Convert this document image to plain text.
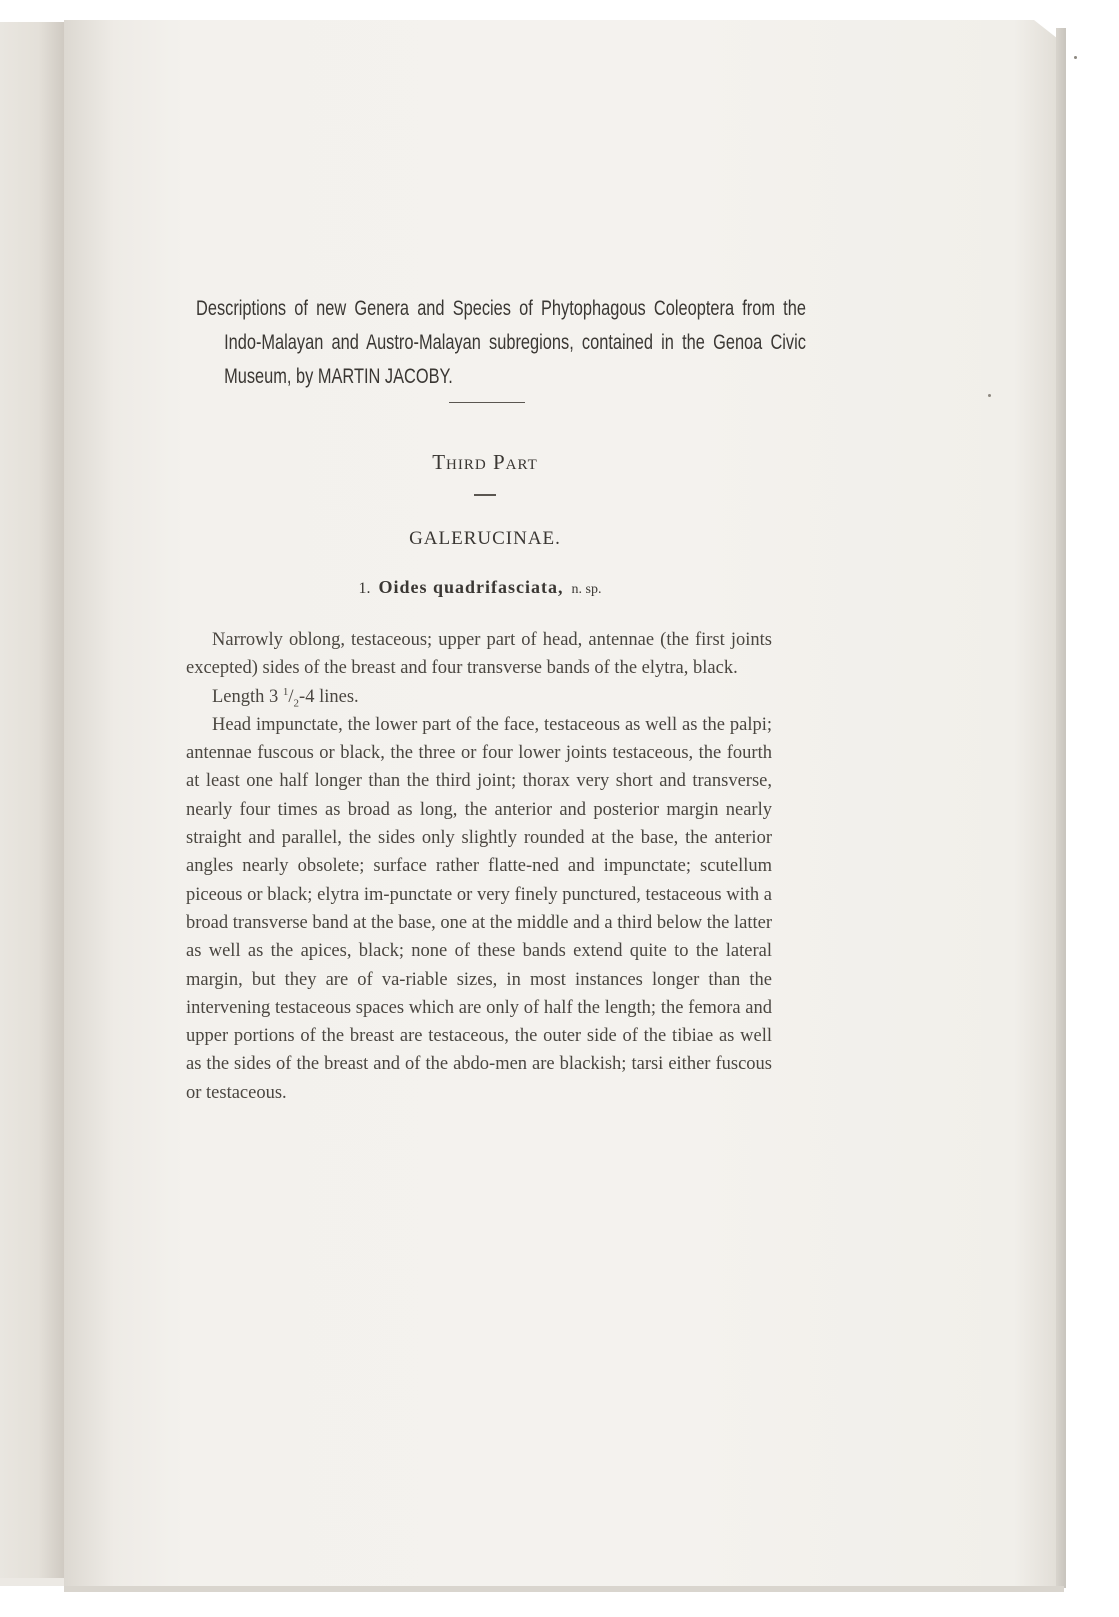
Descriptions of new Genera and Species of Phytophagous Coleoptera from the Indo-Malayan and Austro-Malayan subregions, contained in the Genoa Civic Museum, by MARTIN JACOBY.
Third Part
GALERUCINAE.
1. Oides quadrifasciata, n. sp.

Narrowly oblong, testaceous; upper part of head, antennae (the first joints excepted) sides of the breast and four transverse bands of the elytra, black.

Length 3 $^1/_2-4$ lines.

Head impunctate, the lower part of the face, testaceous as well as the palpi; antennae fuscous or black, the three or four lower joints testaceous, the fourth at least one half longer than the third joint; thorax very short and transverse, nearly four times as broad as long, the anterior and posterior margin nearly straight and parallel, the sides only slightly rounded at the base, the anterior angles nearly obsolete; surface rather flatte-ned and impunctate; scutellum piceous or black; elytra im-punctate or very finely punctured, testaceous with a broad transverse band at the base, one at the middle and a third below the latter as well as the apices, black; none of these bands extend quite to the lateral margin, but they are of va-riable sizes, in most instances longer than the intervening testaceous spaces which are only of half the length; the femora and upper portions of the breast are testaceous, the outer side of the tibiae as well as the sides of the breast and of the abdo-men are blackish; tarsi either fuscous or testaceous.
